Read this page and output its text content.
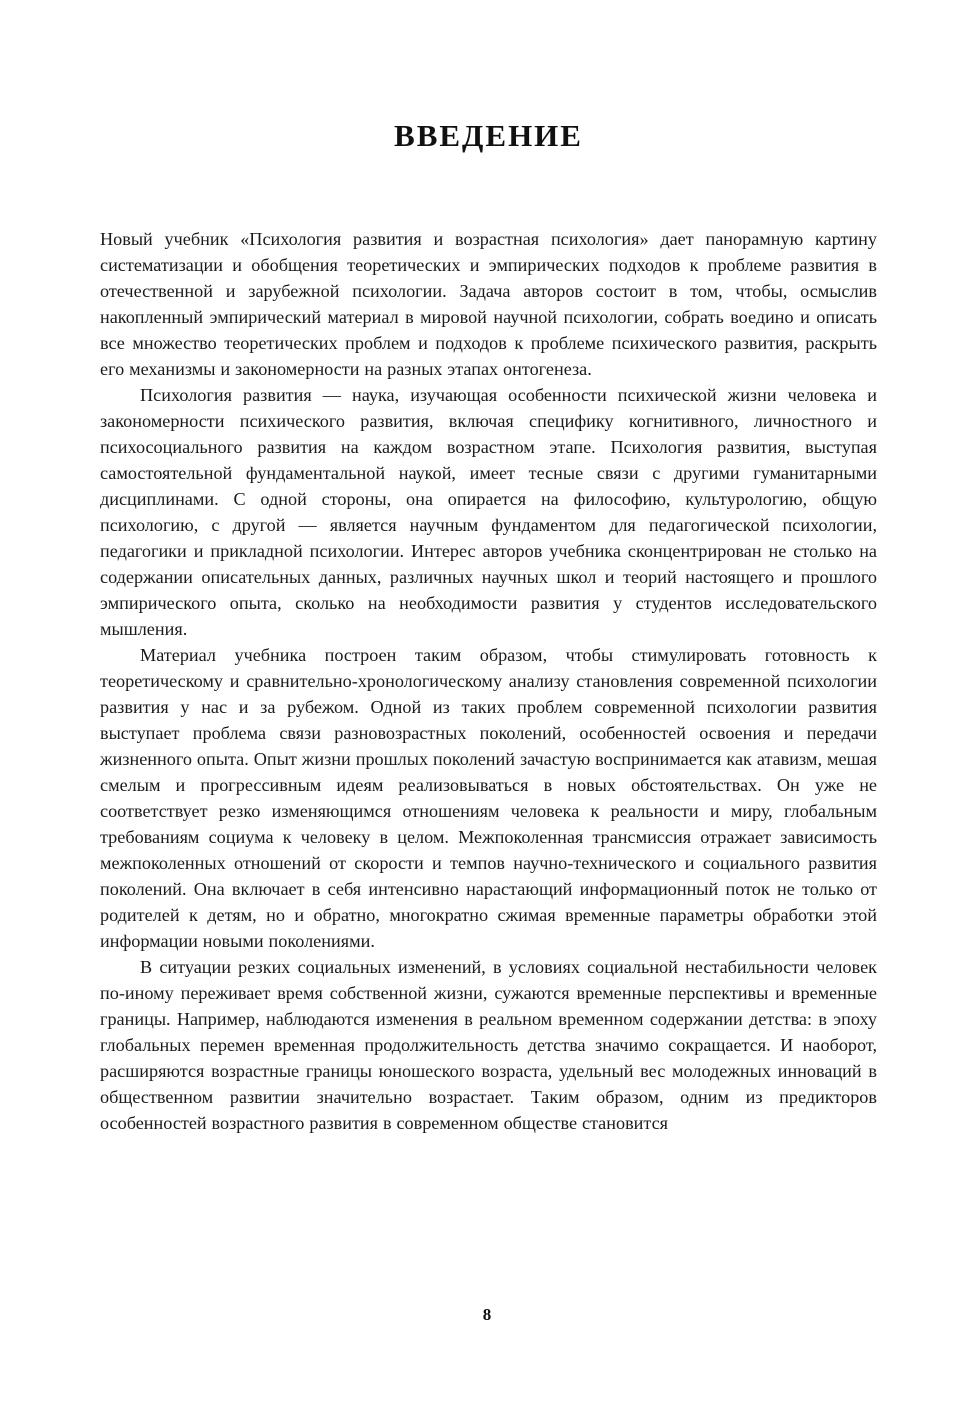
ВВЕДЕНИЕ

Новый учебник «Психология развития и возрастная психология» дает панорамную картину систематизации и обобщения теоретических и эмпирических подходов к проблеме развития в отечественной и зарубежной психологии. Задача авторов состоит в том, чтобы, осмыслив накопленный эмпирический материал в мировой научной психологии, собрать воедино и описать все множество теоретических проблем и подходов к проблеме психического развития, раскрыть его механизмы и закономерности на разных этапах онтогенеза.

Психология развития — наука, изучающая особенности психической жизни человека и закономерности психического развития, включая специфику когнитивного, личностного и психосоциального развития на каждом возрастном этапе. Психология развития, выступая самостоятельной фундаментальной наукой, имеет тесные связи с другими гуманитарными дисциплинами. С одной стороны, она опирается на философию, культурологию, общую психологию, с другой — является научным фундаментом для педагогической психологии, педагогики и прикладной психологии. Интерес авторов учебника сконцентрирован не столько на содержании описательных данных, различных научных школ и теорий настоящего и прошлого эмпирического опыта, сколько на необходимости развития у студентов исследовательского мышления.

Материал учебника построен таким образом, чтобы стимулировать готовность к теоретическому и сравнительно-хронологическому анализу становления современной психологии развития у нас и за рубежом. Одной из таких проблем современной психологии развития выступает проблема связи разновозрастных поколений, особенностей освоения и передачи жизненного опыта. Опыт жизни прошлых поколений зачастую воспринимается как атавизм, мешая смелым и прогрессивным идеям реализовываться в новых обстоятельствах. Он уже не соответствует резко изменяющимся отношениям человека к реальности и миру, глобальным требованиям социума к человеку в целом. Межпоколенная трансмиссия отражает зависимость межпоколенных отношений от скорости и темпов научно-технического и социального развития поколений. Она включает в себя интенсивно нарастающий информационный поток не только от родителей к детям, но и обратно, многократно сжимая временные параметры обработки этой информации новыми поколениями.

В ситуации резких социальных изменений, в условиях социальной нестабильности человек по-иному переживает время собственной жизни, сужаются временные перспективы и временные границы. Например, наблюдаются изменения в реальном временном содержании детства: в эпоху глобальных перемен временная продолжительность детства значимо сокращается. И наоборот, расширяются возрастные границы юношеского возраста, удельный вес молодежных инноваций в общественном развитии значительно возрастает. Таким образом, одним из предикторов особенностей возрастного развития в современном обществе становится

8
